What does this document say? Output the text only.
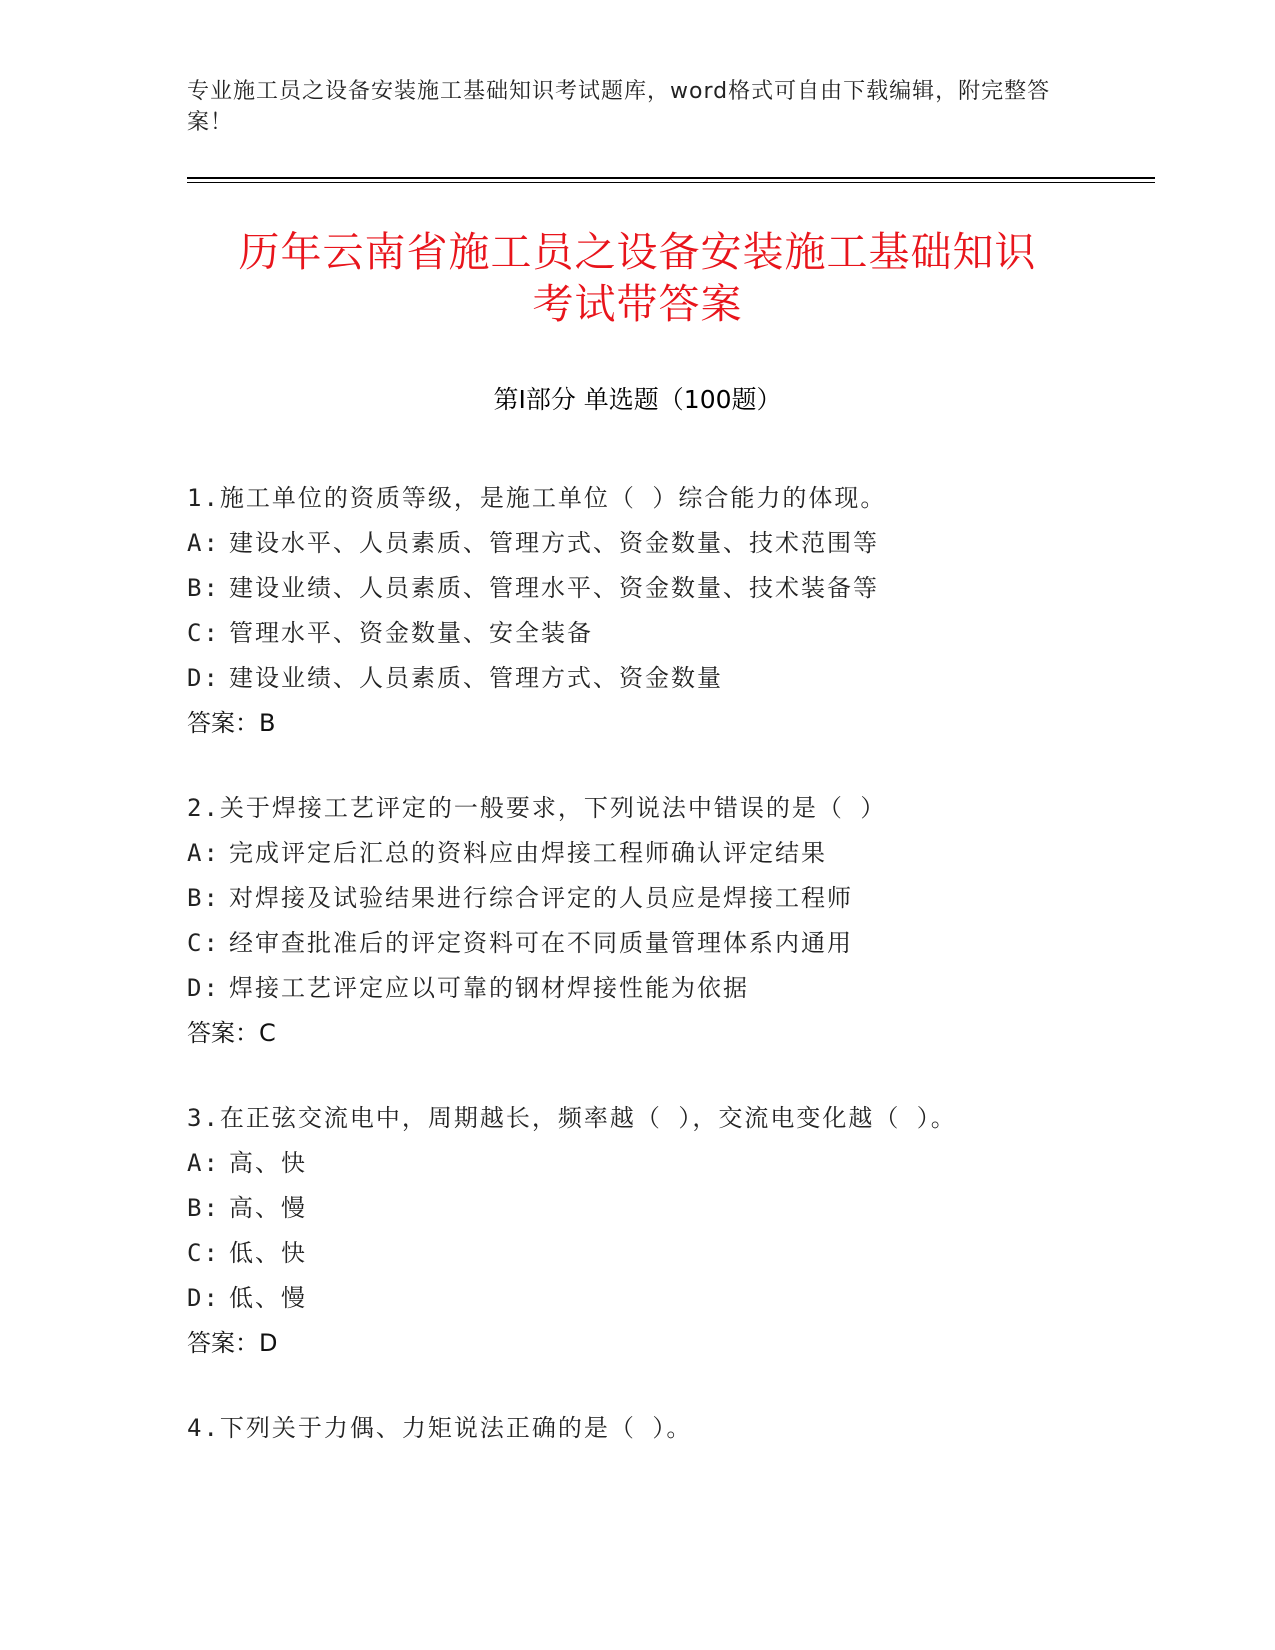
专业施工员之设备安装施工基础知识考试题库，word格式可自由下载编辑，附完整答案！
历年云南省施工员之设备安装施工基础知识
考试带答案
第Ⅰ部分 单选题（100题）
1.施工单位的资质等级，是施工单位（ ）综合能力的体现。
A: 建设水平、人员素质、管理方式、资金数量、技术范围等
B: 建设业绩、人员素质、管理水平、资金数量、技术装备等
C: 管理水平、资金数量、安全装备
D: 建设业绩、人员素质、管理方式、资金数量
答案：B
2.关于焊接工艺评定的一般要求，下列说法中错误的是（ ）
A: 完成评定后汇总的资料应由焊接工程师确认评定结果
B: 对焊接及试验结果进行综合评定的人员应是焊接工程师
C: 经审查批准后的评定资料可在不同质量管理体系内通用
D: 焊接工艺评定应以可靠的钢材焊接性能为依据
答案：C
3.在正弦交流电中，周期越长，频率越（ ），交流电变化越（ ）。
A: 高、快
B: 高、慢
C: 低、快
D: 低、慢
答案：D
4.下列关于力偶、力矩说法正确的是（ ）。
